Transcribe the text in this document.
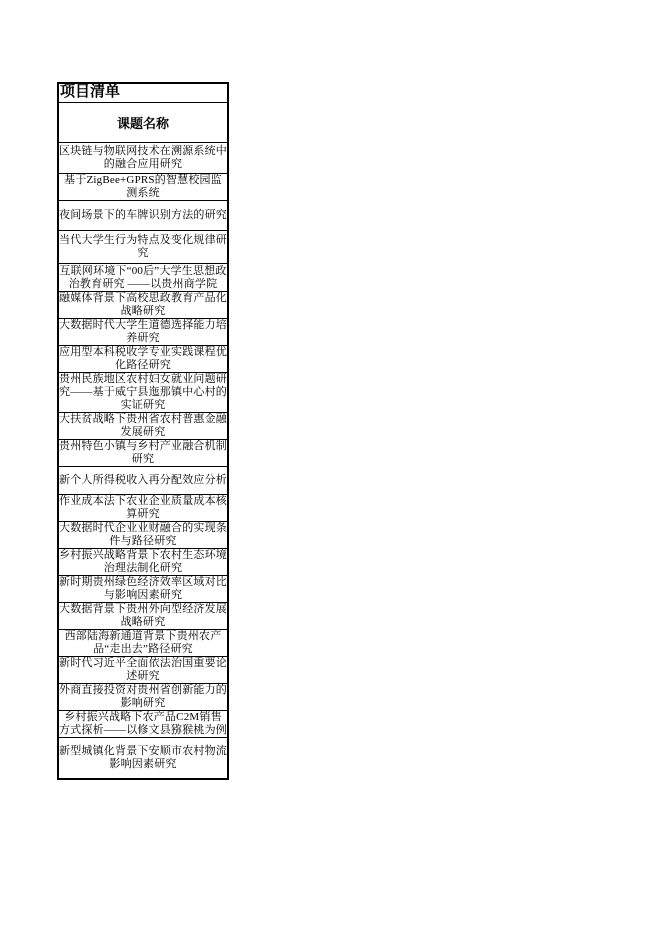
项目清单
课题名称
区块链与物联网技术在溯源系统中的融合应用研究
基于ZigBee+GPRS的智慧校园监测系统
夜间场景下的车牌识别方法的研究
当代大学生行为特点及变化规律研究
互联网环境下“00后”大学生思想政治教育研究 ——以贵州商学院
融媒体背景下高校思政教育产品化战略研究
大数据时代大学生道德选择能力培养研究
应用型本科税收学专业实践课程优化路径研究
贵州民族地区农村妇女就业问题研究——基于威宁县迤那镇中心村的实证研究
大扶贫战略下贵州省农村普惠金融发展研究
贵州特色小镇与乡村产业融合机制研究
新个人所得税收入再分配效应分析
作业成本法下农业企业质量成本核算研究
大数据时代企业业财融合的实现条件与路径研究
乡村振兴战略背景下农村生态环境治理法制化研究
新时期贵州绿色经济效率区域对比与影响因素研究
大数据背景下贵州外向型经济发展战略研究
西部陆海新通道背景下贵州农产品“走出去”路径研究
新时代习近平全面依法治国重要论述研究
外商直接投资对贵州省创新能力的影响研究
乡村振兴战略下农产品C2M销售方式探析——以修文县猕猴桃为例
新型城镇化背景下安顺市农村物流影响因素研究
